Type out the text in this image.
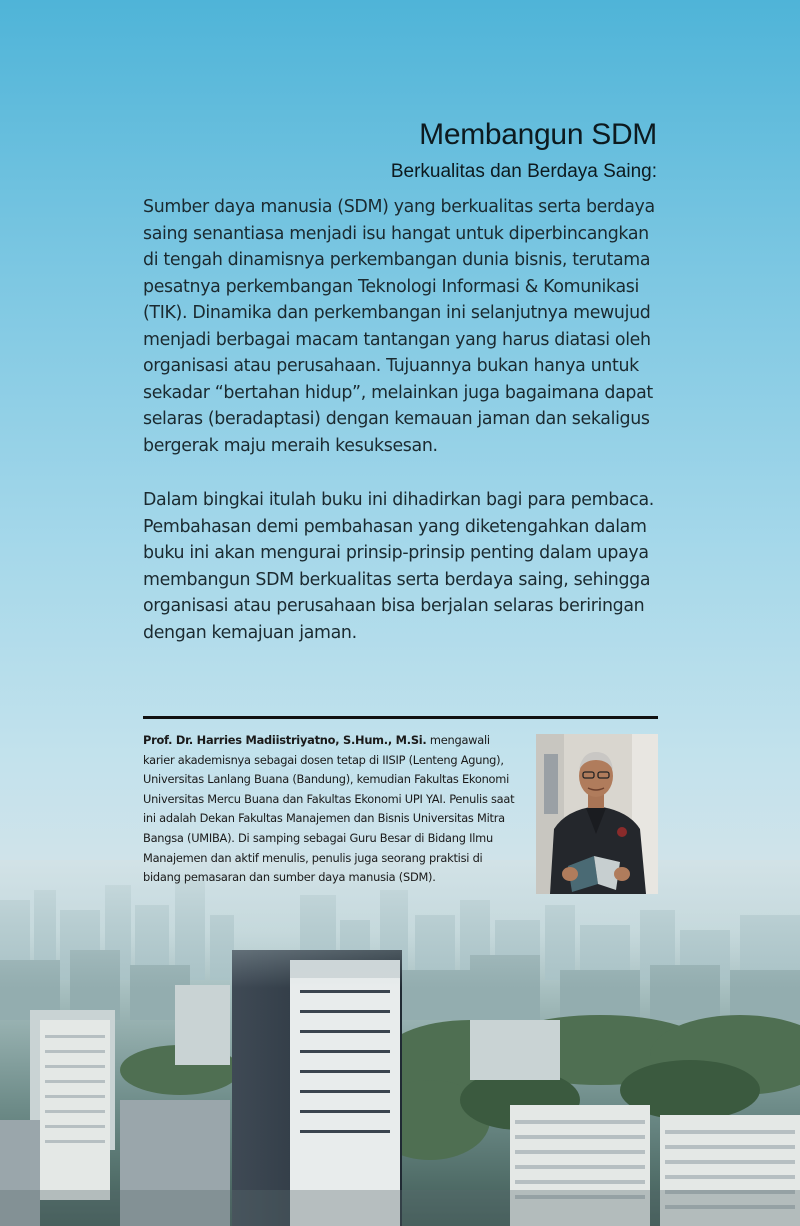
Membangun SDM
Berkualitas dan Berdaya Saing:

Sumber daya manusia (SDM) yang berkualitas serta berdaya saing senantiasa menjadi isu hangat untuk diperbincangkan di tengah dinamisnya perkembangan dunia bisnis, terutama pesatnya perkembangan Teknologi Informasi & Komunikasi (TIK). Dinamika dan perkembangan ini selanjutnya mewujud menjadi berbagai macam tantangan yang harus diatasi oleh organisasi atau perusahaan. Tujuannya bukan hanya untuk sekadar “bertahan hidup”, melainkan juga bagaimana dapat selaras (beradaptasi) dengan kemauan jaman dan sekaligus bergerak maju meraih kesuksesan.

Dalam bingkai itulah buku ini dihadirkan bagi para pembaca. Pembahasan demi pembahasan yang diketengahkan dalam buku ini akan mengurai prinsip-prinsip penting dalam upaya membangun SDM berkualitas serta berdaya saing, sehingga organisasi atau perusahaan bisa berjalan selaras beriringan dengan kemajuan jaman.

Prof. Dr. Harries Madiistriyatno, S.Hum., M.Si. mengawali karier akademisnya sebagai dosen tetap di IISIP (Lenteng Agung), Universitas Lanlang Buana (Bandung), kemudian Fakultas Ekonomi Universitas Mercu Buana dan Fakultas Ekonomi UPI YAI. Penulis saat ini adalah Dekan Fakultas Manajemen dan Bisnis Universitas Mitra Bangsa (UMIBA). Di samping sebagai Guru Besar di Bidang Ilmu Manajemen dan aktif menulis, penulis juga seorang praktisi di bidang pemasaran dan sumber daya manusia (SDM).
